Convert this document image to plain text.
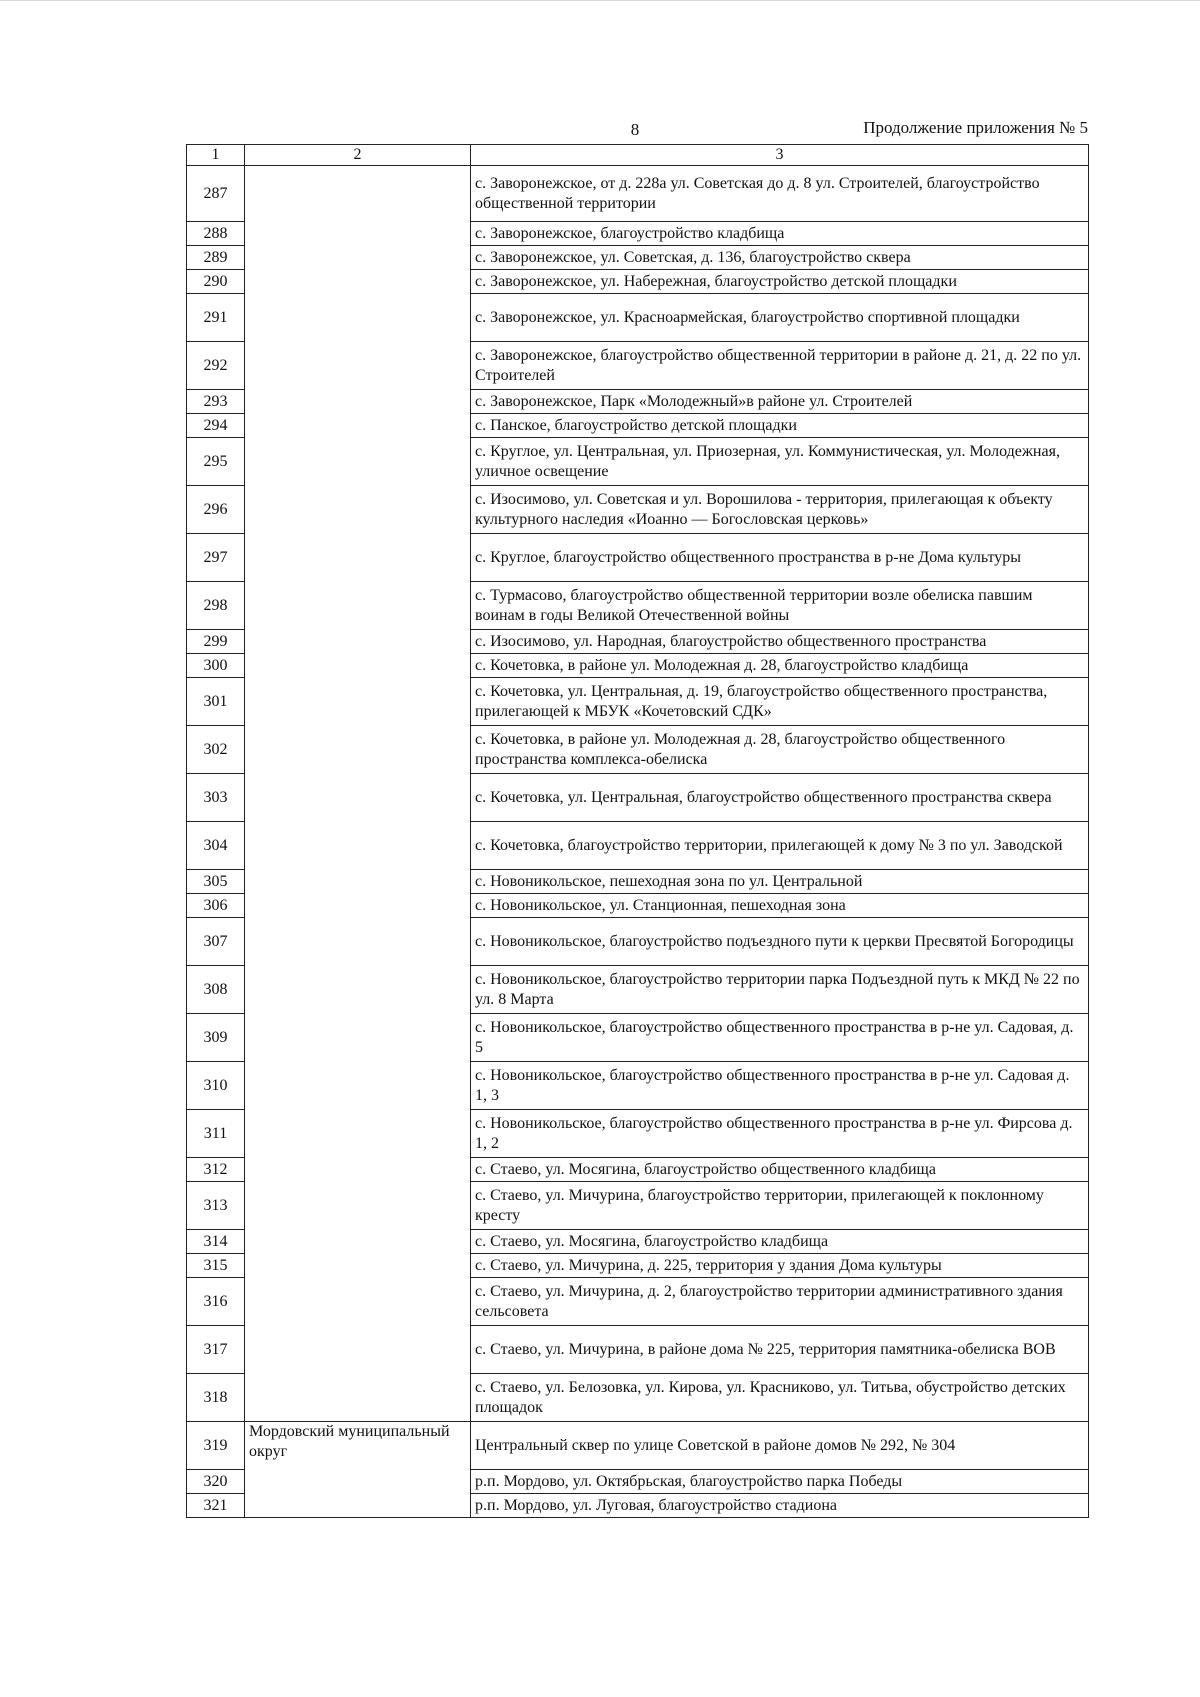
8	Продолжение приложения № 5
1	2	3
287		с. Заворонежское, от д. 228а ул. Советская до д. 8 ул. Строителей, благоустройство общественной территории
288		с. Заворонежское, благоустройство кладбища
289		с. Заворонежское, ул. Советская, д. 136, благоустройство сквера
290		с. Заворонежское, ул. Набережная, благоустройство детской площадки
291		с. Заворонежское, ул. Красноармейская, благоустройство спортивной площадки
292		с. Заворонежское, благоустройство общественной территории в районе д. 21, д. 22 по ул. Строителей
293		с. Заворонежское, Парк «Молодежный»в районе ул. Строителей
294		с. Панское, благоустройство детской площадки
295		с. Круглое, ул. Центральная, ул. Приозерная, ул. Коммунистическая, ул. Молодежная, уличное освещение
296		с. Изосимово, ул. Советская и ул. Ворошилова - территория, прилегающая к объекту культурного наследия «Иоанно — Богословская церковь»
297		с. Круглое, благоустройство общественного пространства в р-не Дома культуры
298		с. Турмасово, благоустройство общественной территории возле обелиска павшим воинам в годы Великой Отечественной войны
299		с. Изосимово, ул. Народная, благоустройство общественного пространства
300		с. Кочетовка, в районе ул. Молодежная д. 28, благоустройство кладбища
301		с. Кочетовка, ул. Центральная, д. 19, благоустройство общественного пространства, прилегающей к МБУК «Кочетовский СДК»
302		с. Кочетовка, в районе ул. Молодежная д. 28, благоустройство общественного пространства комплекса-обелиска
303		с. Кочетовка, ул. Центральная, благоустройство общественного пространства сквера
304		с. Кочетовка, благоустройство территории, прилегающей к дому № 3 по ул. Заводской
305		с. Новоникольское, пешеходная зона по ул. Центральной
306		с. Новоникольское, ул. Станционная, пешеходная зона
307		с. Новоникольское, благоустройство подъездного пути к церкви Пресвятой Богородицы
308		с. Новоникольское, благоустройство территории парка Подъездной путь к МКД № 22 по ул. 8 Марта
309		с. Новоникольское, благоустройство общественного пространства в р-не ул. Садовая, д. 5
310		с. Новоникольское, благоустройство общественного пространства в р-не ул. Садовая д. 1, 3
311		с. Новоникольское, благоустройство общественного пространства в р-не ул. Фирсова д. 1, 2
312		с. Стаево, ул. Мосягина, благоустройство общественного кладбища
313		с. Стаево, ул. Мичурина, благоустройство территории, прилегающей к поклонному кресту
314		с. Стаево, ул. Мосягина, благоустройство кладбища
315		с. Стаево, ул. Мичурина, д. 225, территория у здания Дома культуры
316		с. Стаево, ул. Мичурина, д. 2, благоустройство территории административного здания сельсовета
317		с. Стаево, ул. Мичурина, в районе дома № 225, территория памятника-обелиска ВОВ
318		с. Стаево, ул. Белозовка, ул. Кирова, ул. Красниково, ул. Титьва, обустройство детских площадок
319	Мордовский муниципальный округ	Центральный сквер по улице Советской в районе домов № 292, № 304
320		р.п. Мордово, ул. Октябрьская, благоустройство парка Победы
321		р.п. Мордово, ул. Луговая, благоустройство стадиона
